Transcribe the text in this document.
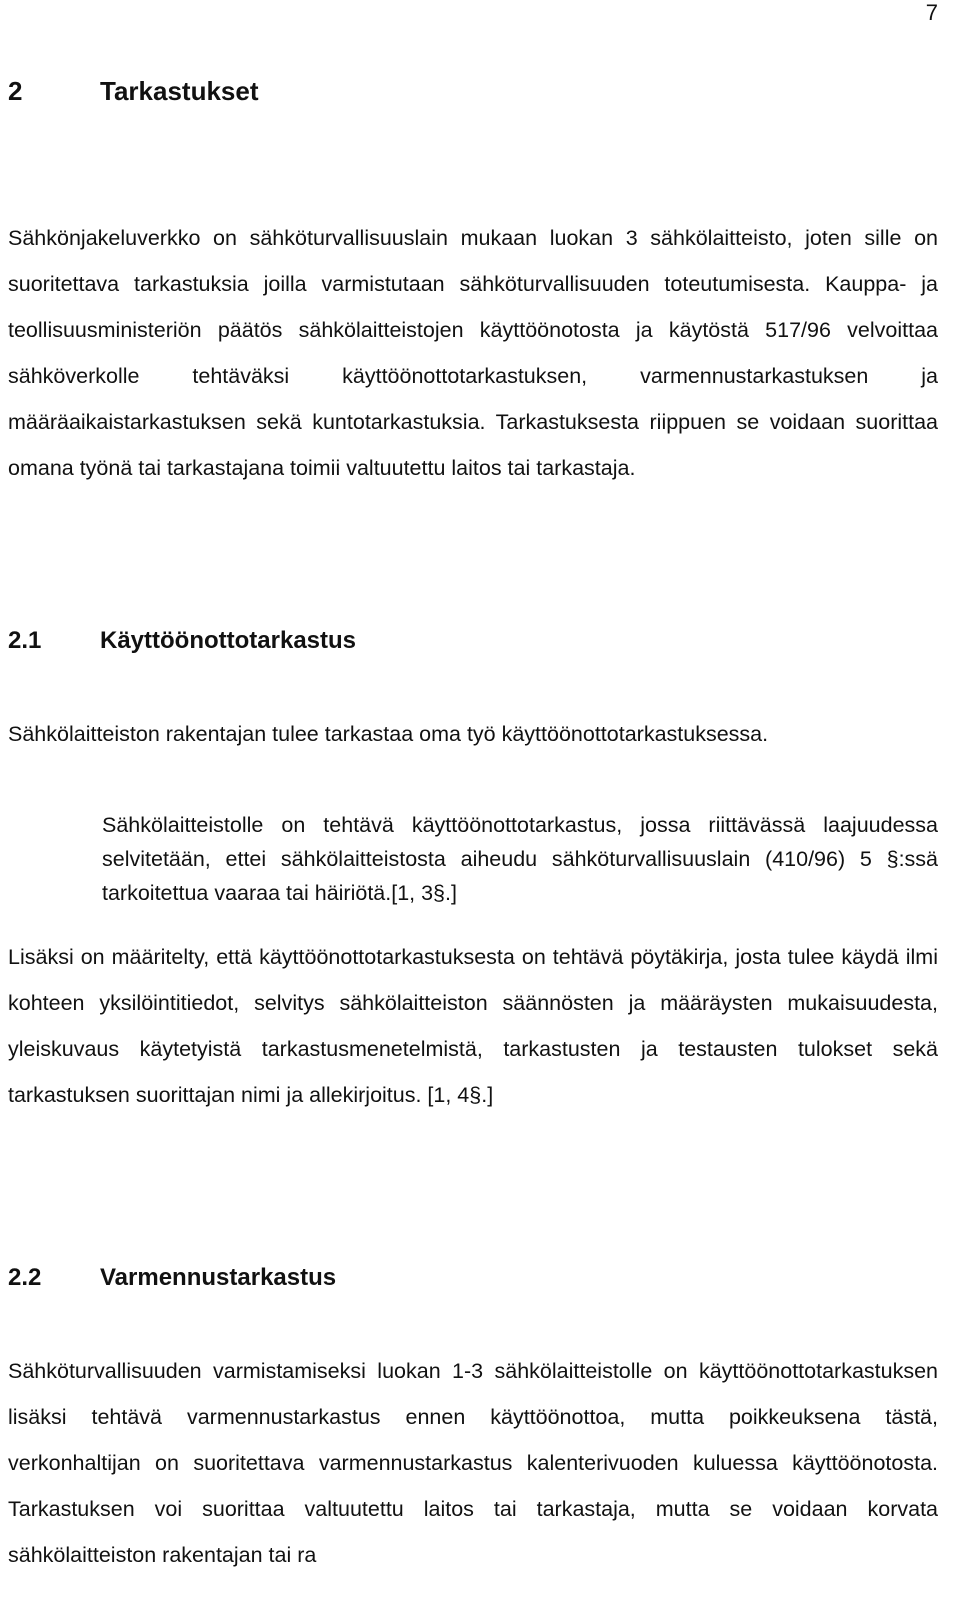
7
2	Tarkastukset

Sähkönjakeluverkko on sähköturvallisuuslain mukaan luokan 3 sähkölaitteisto, joten sille on suoritettava tarkastuksia joilla varmistutaan sähköturvallisuuden toteutumisesta. Kauppa- ja teollisuusministeriön päätös sähkölaitteistojen käyttöönotosta ja käytöstä 517/96 velvoittaa sähköverkolle tehtäväksi käyttöönottotarkastuksen, varmennustarkastuksen ja määräaikaistarkastuksen sekä kuntotarkastuksia. Tarkastuksesta riippuen se voidaan suorittaa omana työnä tai tarkastajana toimii valtuutettu laitos tai tarkastaja.

2.1 Käyttöönottotarkastus

Sähkölaitteiston rakentajan tulee tarkastaa oma työ käyttöönottotarkastuksessa.

Sähkölaitteistolle on tehtävä käyttöönottotarkastus, jossa riittävässä laajuudessa selvitetään, ettei sähkölaitteistosta aiheudu sähköturvallisuuslain (410/96) 5 §:ssä tarkoitettua vaaraa tai häiriötä.[1, 3§.]

Lisäksi on määritelty, että käyttöönottotarkastuksesta on tehtävä pöytäkirja, josta tulee käydä ilmi kohteen yksilöintitiedot, selvitys sähkölaitteiston säännösten ja määräysten mukaisuudesta, yleiskuvaus käytetyistä tarkastusmenetelmistä, tarkastusten ja testausten tulokset sekä tarkastuksen suorittajan nimi ja allekirjoitus. [1, 4§.]

2.2 Varmennustarkastus

Sähköturvallisuuden varmistamiseksi luokan 1-3 sähkölaitteistolle on käyttöönottotarkastuksen lisäksi tehtävä varmennustarkastus ennen käyttöönottoa, mutta poikkeuksena tästä, verkonhaltijan on suoritettava varmennustarkastus kalenterivuoden kuluessa käyttöönotosta. Tarkastuksen voi suorittaa valtuutettu laitos tai tarkastaja, mutta se voidaan korvata sähkölaitteiston rakentajan tai ra
